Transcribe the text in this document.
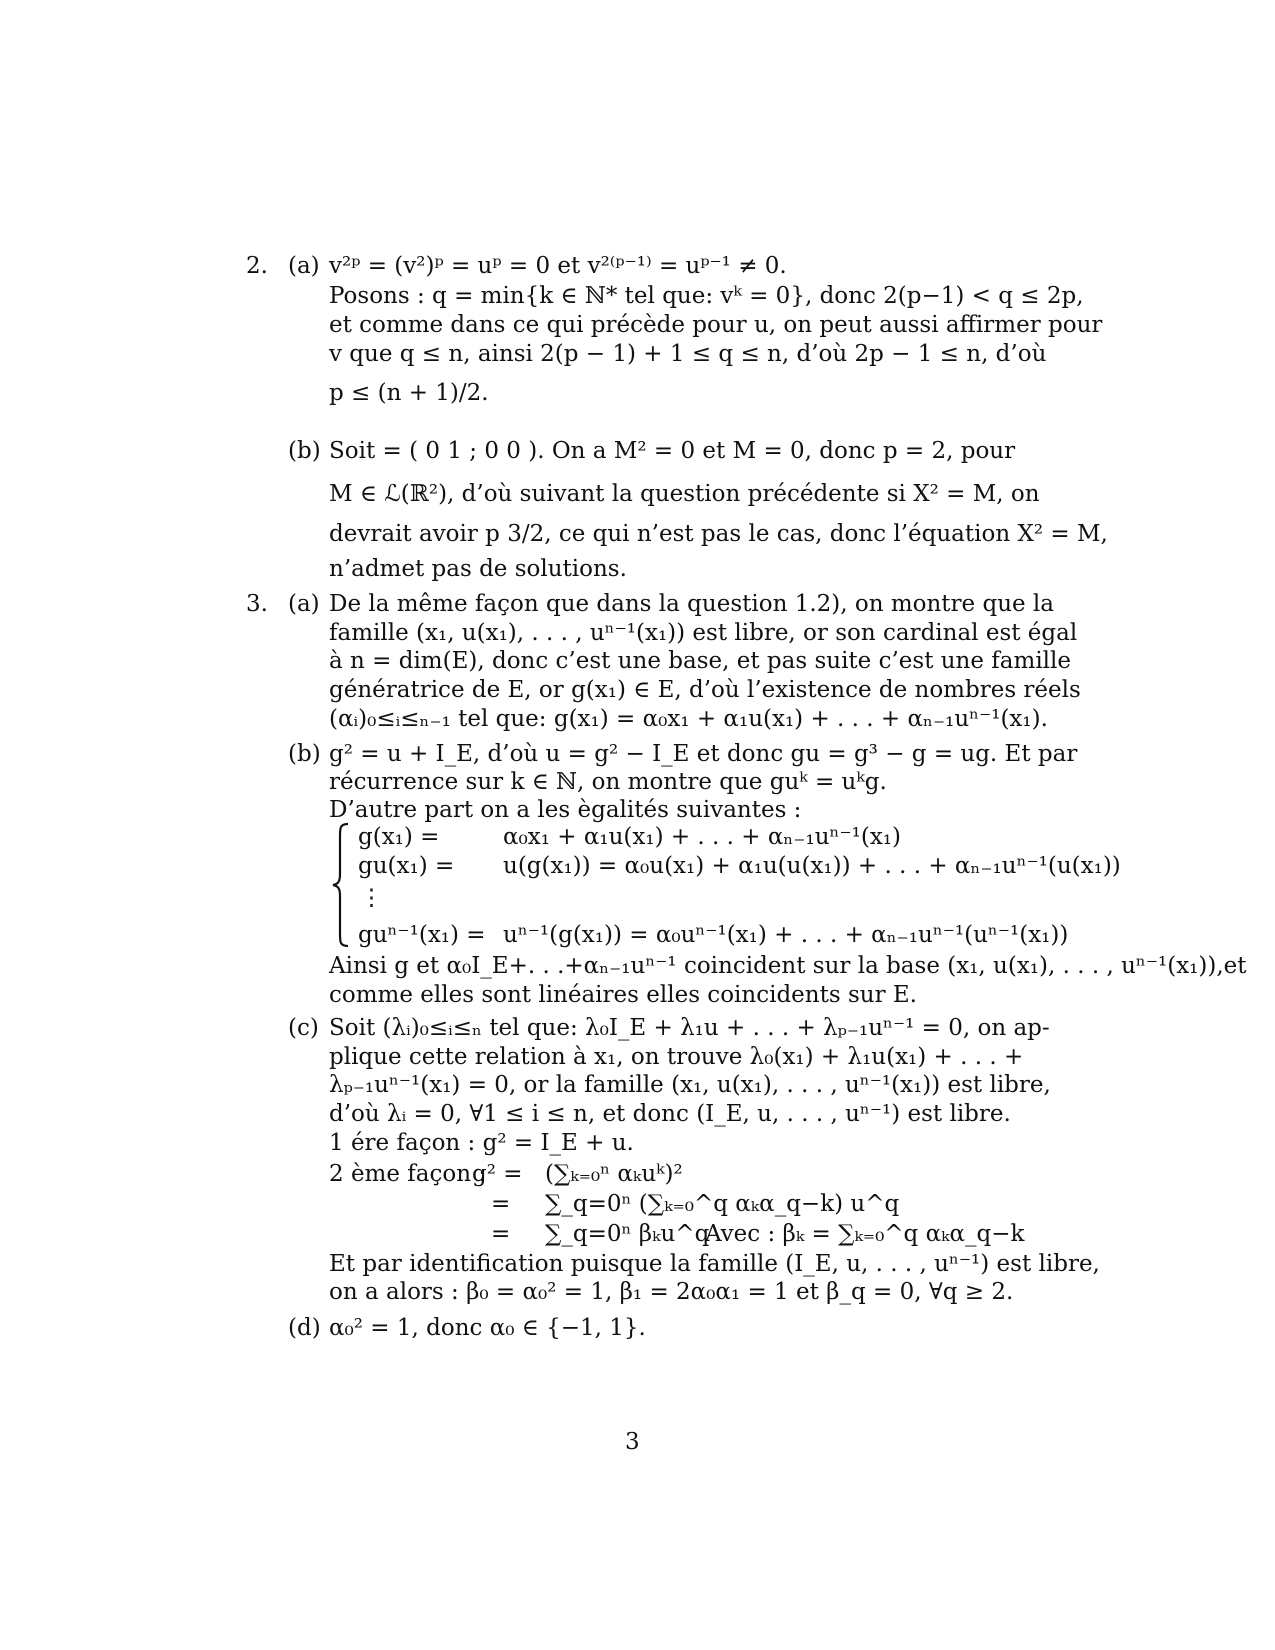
2. (a) v²ᵖ = (v²)ᵖ = uᵖ = 0 et v²⁽ᵖ⁻¹⁾ = uᵖ⁻¹ ≠ 0.
Posons : q = min{k ∈ ℕ* tel que: vᵏ = 0}, donc 2(p−1) < q ≤ 2p,
et comme dans ce qui précède pour u, on peut aussi affirmer pour
v que q ≤ n, ainsi 2(p − 1) + 1 ≤ q ≤ n, d’où 2p − 1 ≤ n, d’où
p ≤ (n + 1)/2.
(b) Soit = ( 0 1 ; 0 0 ). On a M² = 0 et M = 0, donc p = 2, pour
M ∈ ℒ(ℝ²), d’où suivant la question précédente si X² = M, on
devrait avoir p 3/2, ce qui n’est pas le cas, donc l’équation X² = M,
n’admet pas de solutions.
3. (a) De la même façon que dans la question 1.2), on montre que la
famille (x₁, u(x₁), . . . , uⁿ⁻¹(x₁)) est libre, or son cardinal est égal
à n = dim(E), donc c’est une base, et pas suite c’est une famille
génératrice de E, or g(x₁) ∈ E, d’où l’existence de nombres réels
(αᵢ)₀≤ᵢ≤ₙ₋₁ tel que: g(x₁) = α₀x₁ + α₁u(x₁) + . . . + αₙ₋₁uⁿ⁻¹(x₁).
(b) g² = u + I_E, d’où u = g² − I_E et donc gu = g³ − g = ug. Et par
récurrence sur k ∈ ℕ, on montre que guᵏ = uᵏg.
D’autre part on a les ègalités suivantes :
g(x₁) =	α₀x₁ + α₁u(x₁) + . . . + αₙ₋₁uⁿ⁻¹(x₁)
gu(x₁) = u(g(x₁)) = α₀u(x₁) + α₁u(u(x₁)) + . . . + αₙ₋₁uⁿ⁻¹(u(x₁))
⋮
guⁿ⁻¹(x₁) = uⁿ⁻¹(g(x₁)) = α₀uⁿ⁻¹(x₁) + . . . + αₙ₋₁uⁿ⁻¹(uⁿ⁻¹(x₁))
Ainsi g et α₀I_E+. . .+αₙ₋₁uⁿ⁻¹ coincident sur la base (x₁, u(x₁), . . . , uⁿ⁻¹(x₁)),et
comme elles sont linéaires elles coincidents sur E.
(c) Soit (λᵢ)₀≤ᵢ≤ₙ tel que: λ₀I_E + λ₁u + . . . + λₚ₋₁uⁿ⁻¹ = 0, on ap-
plique cette relation à x₁, on trouve λ₀(x₁) + λ₁u(x₁) + . . . +
λₚ₋₁uⁿ⁻¹(x₁) = 0, or la famille (x₁, u(x₁), . . . , uⁿ⁻¹(x₁)) est libre,
d’où λᵢ = 0, ∀1 ≤ i ≤ n, et donc (I_E, u, . . . , uⁿ⁻¹) est libre.
1 ére façon : g² = I_E + u.
2 ème façon :
g² = (∑ₖ₌₀ⁿ αₖuᵏ)²
= ∑_q=0ⁿ (∑ₖ₌₀^q αₖα_q−k) u^q
= ∑_q=0ⁿ βₖu^q
Avec : βₖ = ∑ₖ₌₀^q αₖα_q−k
Et par identification puisque la famille (I_E, u, . . . , uⁿ⁻¹) est libre,
on a alors : β₀ = α₀² = 1, β₁ = 2α₀α₁ = 1 et β_q = 0, ∀q ≥ 2.
(d) α₀² = 1, donc α₀ ∈ {−1, 1}.
3
